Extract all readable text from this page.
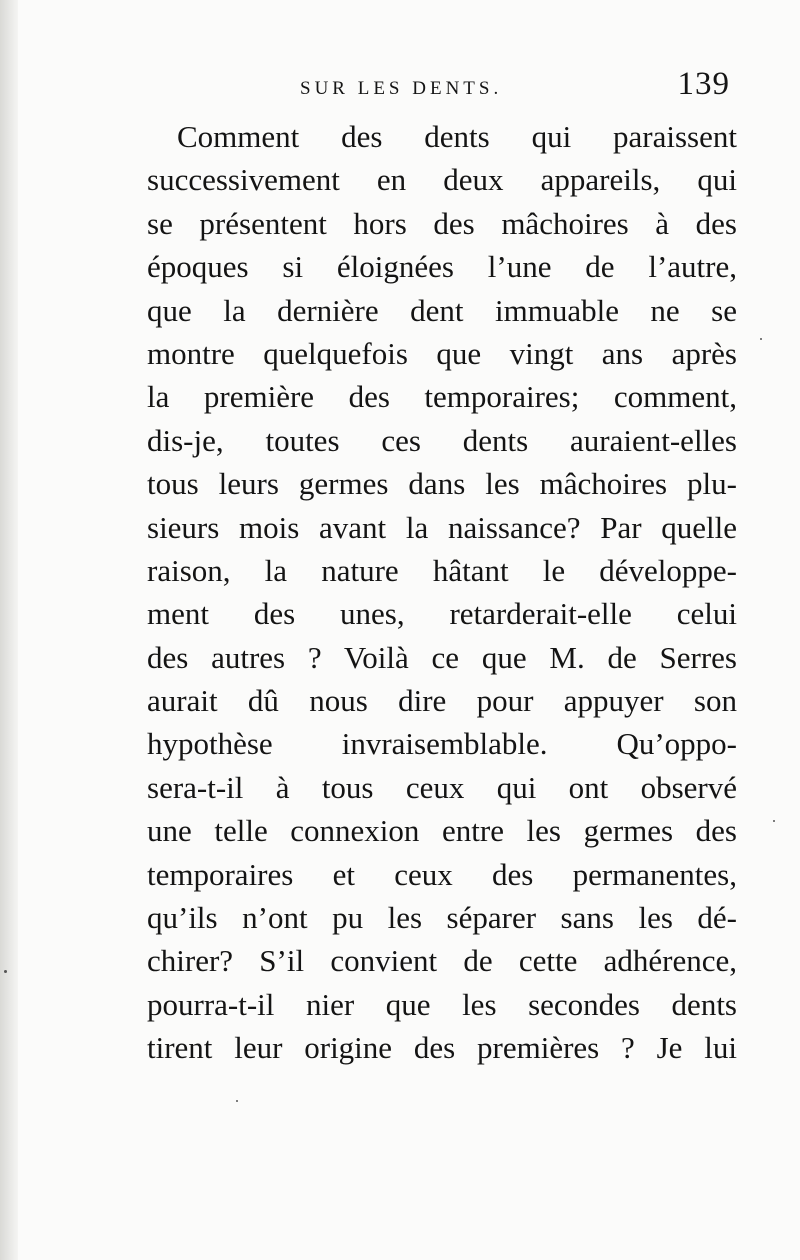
SUR LES DENTS.	139
Comment des dents qui paraissent
successivement en deux appareils, qui
se présentent hors des mâchoires à des
époques si éloignées l’une de l’autre,
que la dernière dent immuable ne se
montre quelquefois que vingt ans après
la première des temporaires; comment,
dis-je, toutes ces dents auraient-elles
tous leurs germes dans les mâchoires plu-
sieurs mois avant la naissance? Par quelle
raison, la nature hâtant le développe-
ment des unes, retarderait-elle celui
des autres ? Voilà ce que M. de Serres
aurait dû nous dire pour appuyer son
hypothèse invraisemblable. Qu’oppo-
sera-t-il à tous ceux qui ont observé
une telle connexion entre les germes des
temporaires et ceux des permanentes,
qu’ils n’ont pu les séparer sans les dé-
chirer? S’il convient de cette adhérence,
pourra-t-il nier que les secondes dents
tirent leur origine des premières ? Je lui
